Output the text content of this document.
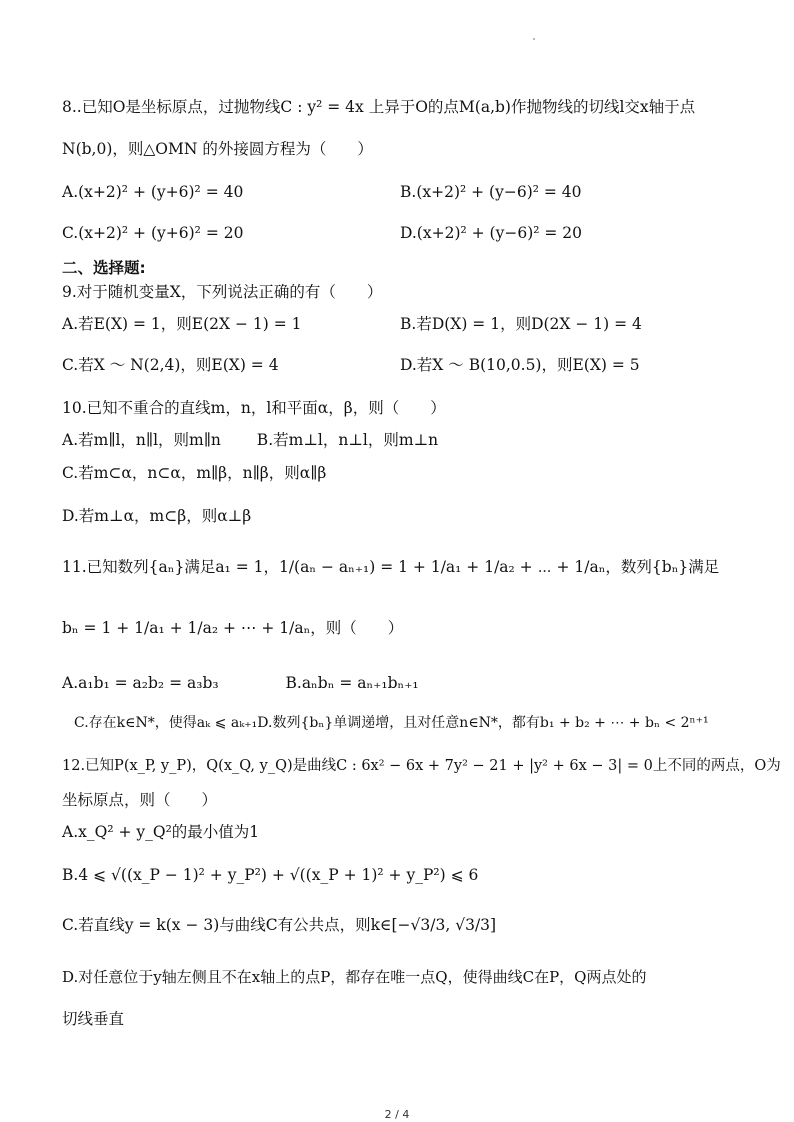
8..已知O是坐标原点，过抛物线C : y² = 4x 上异于O的点M(a,b)作抛物线的切线l交x轴于点
N(b,0)，则△OMN 的外接圆方程为（　　）
A.(x+2)² + (y+6)² = 40	B.(x+2)² + (y−6)² = 40
C.(x+2)² + (y+6)² = 20	D.(x+2)² + (y−6)² = 20
二、选择题:
9.对于随机变量X，下列说法正确的有（　　）
A.若E(X) = 1，则E(2X − 1) = 1	B.若D(X) = 1，则D(2X − 1) = 4
C.若X ～ N(2,4)，则E(X) = 4	D.若X ～ B(10,0.5)，则E(X) = 5
10.已知不重合的直线m，n，l和平面α，β，则（　　）
A.若m∥l，n∥l，则m∥n　　 B.若m⊥l，n⊥l，则m⊥n
C.若m⊂α，n⊂α，m∥β，n∥β，则α∥β
D.若m⊥α，m⊂β，则α⊥β
11.已知数列{aₙ}满足a₁ = 1，1/(aₙ − aₙ₊₁) = 1 + 1/a₁ + 1/a₂ + ⋯ + 1/aₙ，数列{bₙ}满足
bₙ = 1 + 1/a₁ + 1/a₂ + ⋯ + 1/aₙ，则（　　）
A.a₁b₁ = a₂b₂ = a₃b₃　　　　 B.aₙbₙ = aₙ₊₁bₙ₊₁
C.存在k∈N*，使得aₖ ⩽ aₖ₊₁D.数列{bₙ}单调递增，且对任意n∈N*，都有b₁ + b₂ + ⋯ + bₙ < 2ⁿ⁺¹
12.已知P(x_P, y_P)，Q(x_Q, y_Q)是曲线C : 6x² − 6x + 7y² − 21 + |y² + 6x − 3| = 0上不同的两点，O为
坐标原点，则（　　）
A.x_Q² + y_Q²的最小值为1
B.4 ⩽ √((x_P − 1)² + y_P²) + √((x_P + 1)² + y_P²) ⩽ 6
C.若直线y = k(x − 3)与曲线C有公共点，则k∈[−√3/3, √3/3]
D.对任意位于y轴左侧且不在x轴上的点P，都存在唯一点Q，使得曲线C在P，Q两点处的
切线垂直
2 / 4
